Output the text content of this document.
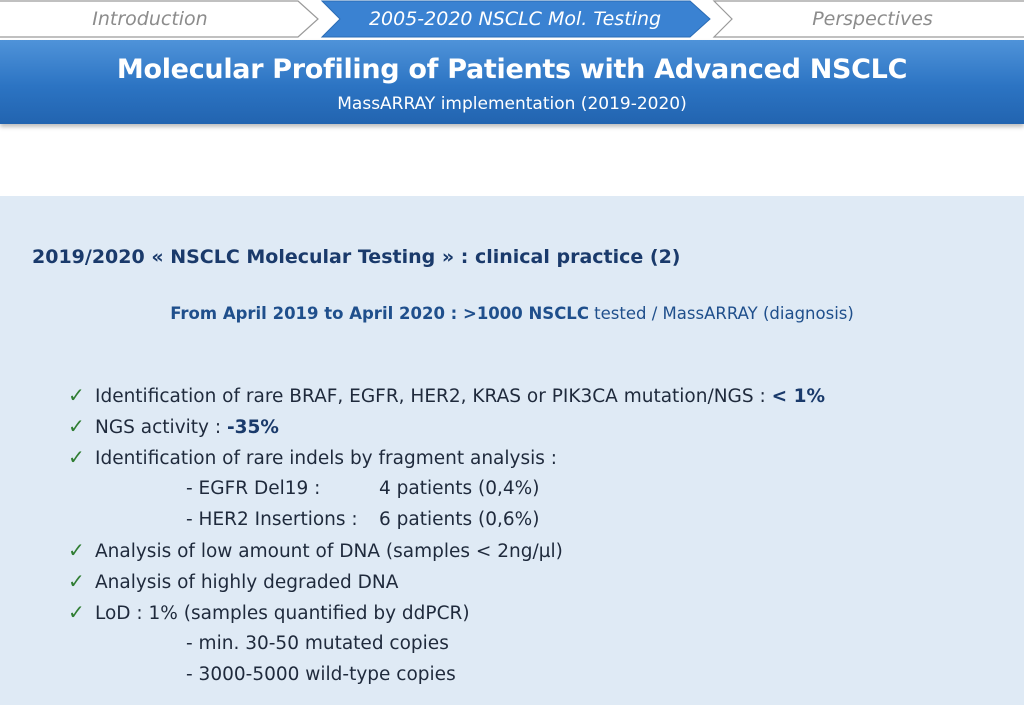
Introduction	2005-2020 NSCLC Mol. Testing	Perspectives
Molecular Profiling of Patients with Advanced NSCLC
MassARRAY implementation (2019-2020)
2019/2020 « NSCLC Molecular Testing » : clinical practice (2)
From April 2019 to April 2020 : >1000 NSCLC tested / MassARRAY (diagnosis)
✓ Identification of rare BRAF, EGFR, HER2, KRAS or PIK3CA mutation/NGS : < 1%
✓ NGS activity : -35%
✓ Identification of rare indels by fragment analysis :
- EGFR Del19 :	4 patients (0,4%)
- HER2 Insertions : 6 patients (0,6%)
✓ Analysis of low amount of DNA (samples < 2ng/µl)
✓ Analysis of highly degraded DNA
✓ LoD : 1% (samples quantified by ddPCR)
- min. 30-50 mutated copies
- 3000-5000 wild-type copies
